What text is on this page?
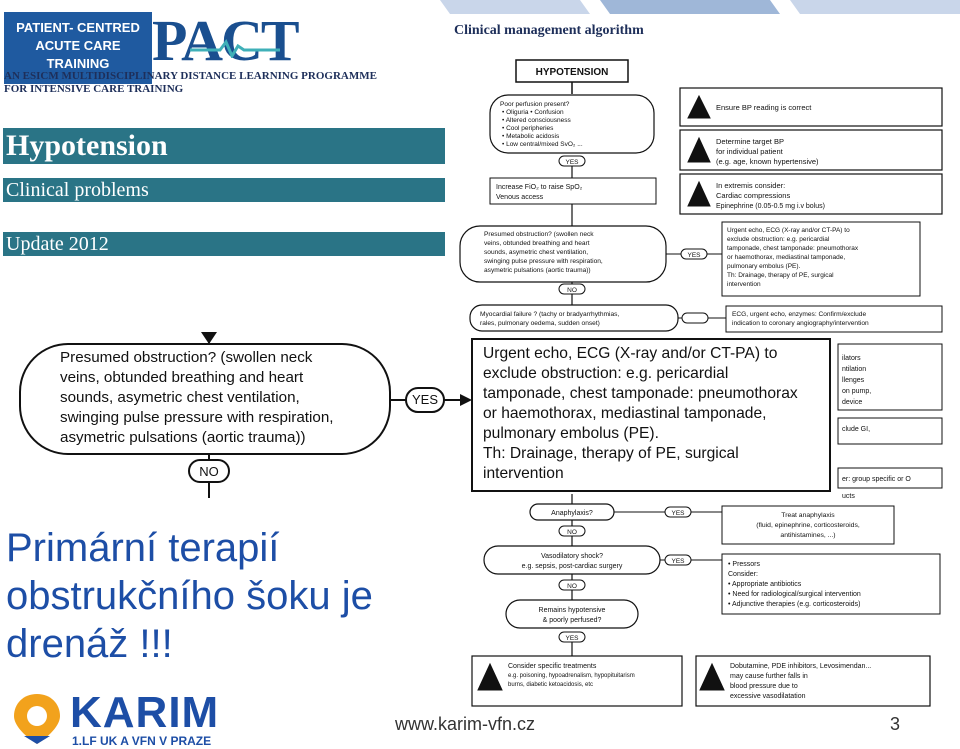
PATIENT- CENTRED
ACUTE CARE
TRAINING PACT
AN ESICM MULTIDISCIPLINARY DISTANCE LEARNING PROGRAMME
FOR INTENSIVE CARE TRAINING
Hypotension
Clinical problems
Update 2012
Clinical management algorithm
HYPOTENSION
Poor perfusion present?
• Oliguria • Confusion
• Altered consciousness
• Cool peripheries
• Metabolic acidosis
• Low central/mixed SvO₂ ...
YES
Increase FiO₂ to raise SpO₂
Venous access
Ensure BP reading is correct
Determine target BP
for individual patient
(e.g. age, known hypertensive)
In extremis consider:
Cardiac compressions
Epinephrine (0.05-0.5 mg i.v bolus)
Presumed obstruction? (swollen neck
veins, obtunded breathing and heart
sounds, asymetric chest ventilation,
swinging pulse pressure with respiration,
asymetric pulsations (aortic trauma))
YES
Urgent echo, ECG (X-ray and/or CT-PA) to
exclude obstruction: e.g. pericardial
tamponade, chest tamponade: pneumothorax
or haemothorax, mediastinal tamponade,
pulmonary embolus (PE).
Th: Drainage, therapy of PE, surgical
intervention
NO
Myocardial failure ? (tachy or bradyarrhythmias,
rales, pulmonary oedema, sudden onset)
ECG, urgent echo, enzymes: Confirm/exclude
indication to coronary angiography/intervention
ilators
ntilation
llenges
on pump,
device
clude GI,
er: group specific or O
ucts
Anaphylaxis?	YES	Treat anaphylaxis
(fluid, epinephrine, corticosteroids,
antihistamines, ...)
NO
Vasodilatory shock?
e.g. sepsis, post-cardiac surgery
YES	• Pressors
Consider:
• Appropriate antibiotics
• Need for radiological/surgical intervention
• Adjunctive therapies (e.g. corticosteroids)
NO
Remains hypotensive
& poorly perfused?
YES
Consider specific treatments
e.g. poisoning, hypoadrenalism, hypopituitarism
burns, diabetic ketoacidosis, etc
Dobutamine, PDE inhibitors, Levosimendan...
may cause further falls in
blood pressure due to
excessive vasodilatation
Presumed obstruction? (swollen neck
veins, obtunded breathing and heart
sounds, asymetric chest ventilation,
swinging pulse pressure with respiration,
asymetric pulsations (aortic trauma))
YES
NO
Urgent echo, ECG (X-ray and/or CT-PA) to
exclude obstruction: e.g. pericardial
tamponade, chest tamponade: pneumothorax
or haemothorax, mediastinal tamponade,
pulmonary embolus (PE).
Th: Drainage, therapy of PE, surgical
intervention
Primární terapií
obstrukčního šoku je
drenáž !!!
KARIM
1.LF UK A VFN V PRAZE
www.karim-vfn.cz	3
